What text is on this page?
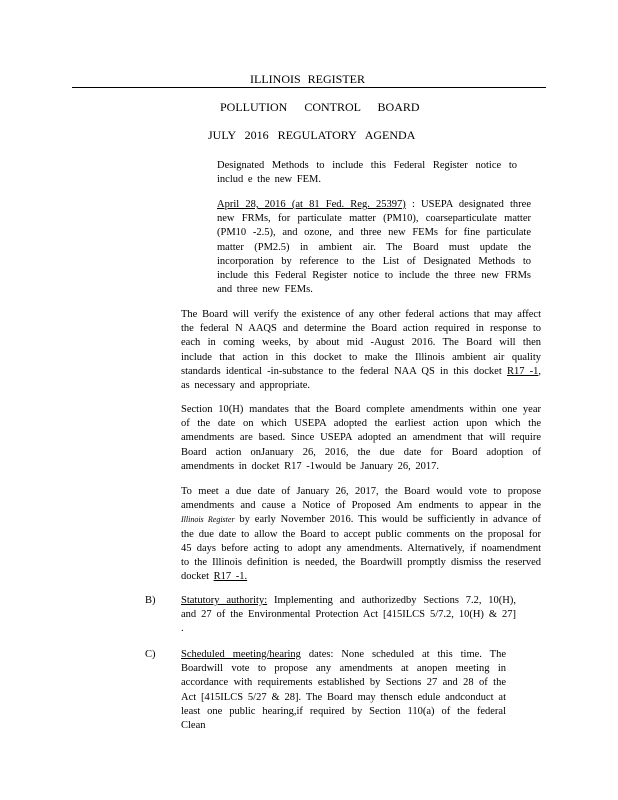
ILLINOIS REGISTER
POLLUTION CONTROL BOARD
JULY 2016 REGULATORY AGENDA

Designated Methods to include this Federal Register notice to includ e the new FEM.

April 28, 2016 (at 81 Fed. Reg. 25397) : USEPA designated three new FRMs, for particulate matter (PM10), coarseparticulate matter (PM10 -2.5), and ozone, and three new FEMs for fine particulate matter (PM2.5) in ambient air. The Board must update the incorporation by reference to the List of Designated Methods to include this Federal Register notice to include the three new FRMs and three new FEMs.

The Board will verify the existence of any other federal actions that may affect the federal N AAQS and determine the Board action required in response to each in coming weeks, by about mid -August 2016. The Board will then include that action in this docket to make the Illinois ambient air quality standards identical -in-substance to the federal NAA QS in this docket R17 -1, as necessary and appropriate.

Section 10(H) mandates that the Board complete amendments within one year of the date on which USEPA adopted the earliest action upon which the amendments are based. Since USEPA adopted an amendment that will require Board action onJanuary 26, 2016, the due date for Board adoption of amendments in docket R17 -1would be January 26, 2017.

To meet a due date of January 26, 2017, the Board would vote to propose amendments and cause a Notice of Proposed Am endments to appear in the Illinois Register by early November 2016. This would be sufficiently in advance of the due date to allow the Board to accept public comments on the proposal for 45 days before acting to adopt any amendments. Alternatively, if noamendment to the Illinois definition is needed, the Boardwill promptly dismiss the reserved docket R17 -1.

B) Statutory authority: Implementing and authorizedby Sections 7.2, 10(H), and 27 of the Environmental Protection Act [415ILCS 5/7.2, 10(H) & 27] .

C) Scheduled meeting/hearing dates: None scheduled at this time. The Boardwill vote to propose any amendments at anopen meeting in accordance with requirements established by Sections 27 and 28 of the Act [415ILCS 5/27 & 28]. The Board may thensch edule andconduct at least one public hearing,if required by Section 110(a) of the federal Clean
